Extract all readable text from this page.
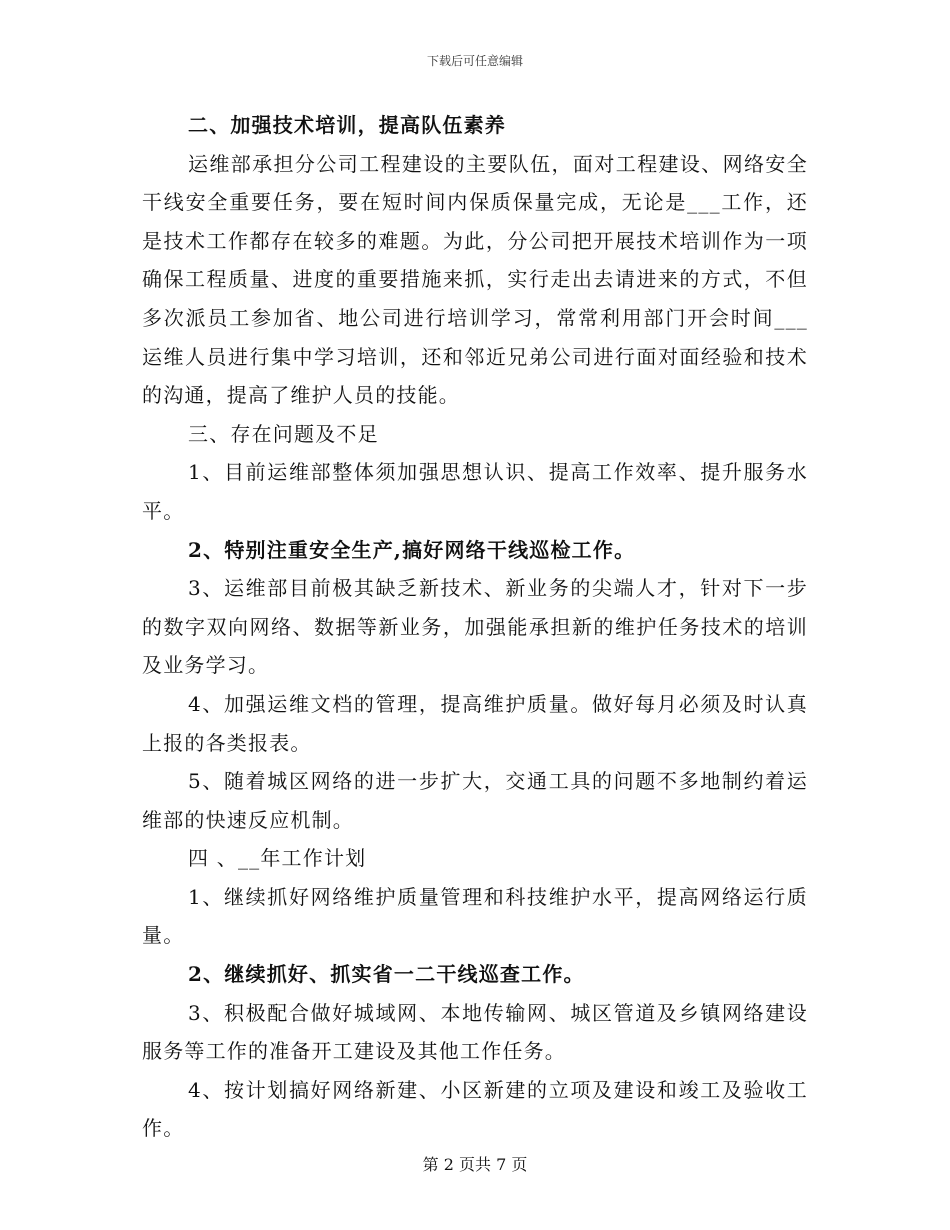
下载后可任意编辑

二、加强技术培训，提高队伍素养

运维部承担分公司工程建设的主要队伍，面对工程建设、网络安全干线安全重要任务，要在短时间内保质保量完成，无论是___工作，还是技术工作都存在较多的难题。为此，分公司把开展技术培训作为一项确保工程质量、进度的重要措施来抓，实行走出去请进来的方式，不但多次派员工参加省、地公司进行培训学习，常常利用部门开会时间___运维人员进行集中学习培训，还和邻近兄弟公司进行面对面经验和技术的沟通，提高了维护人员的技能。

三、存在问题及不足

1、目前运维部整体须加强思想认识、提高工作效率、提升服务水平。

2、特别注重安全生产,搞好网络干线巡检工作。

3、运维部目前极其缺乏新技术、新业务的尖端人才，针对下一步的数字双向网络、数据等新业务，加强能承担新的维护任务技术的培训及业务学习。

4、加强运维文档的管理，提高维护质量。做好每月必须及时认真上报的各类报表。

5、随着城区网络的进一步扩大，交通工具的问题不多地制约着运维部的快速反应机制。

四 、__年工作计划

1、继续抓好网络维护质量管理和科技维护水平，提高网络运行质量。

2、继续抓好、抓实省一二干线巡查工作。

3、积极配合做好城域网、本地传输网、城区管道及乡镇网络建设服务等工作的准备开工建设及其他工作任务。

4、按计划搞好网络新建、小区新建的立项及建设和竣工及验收工作。

第 2 页共 7 页
